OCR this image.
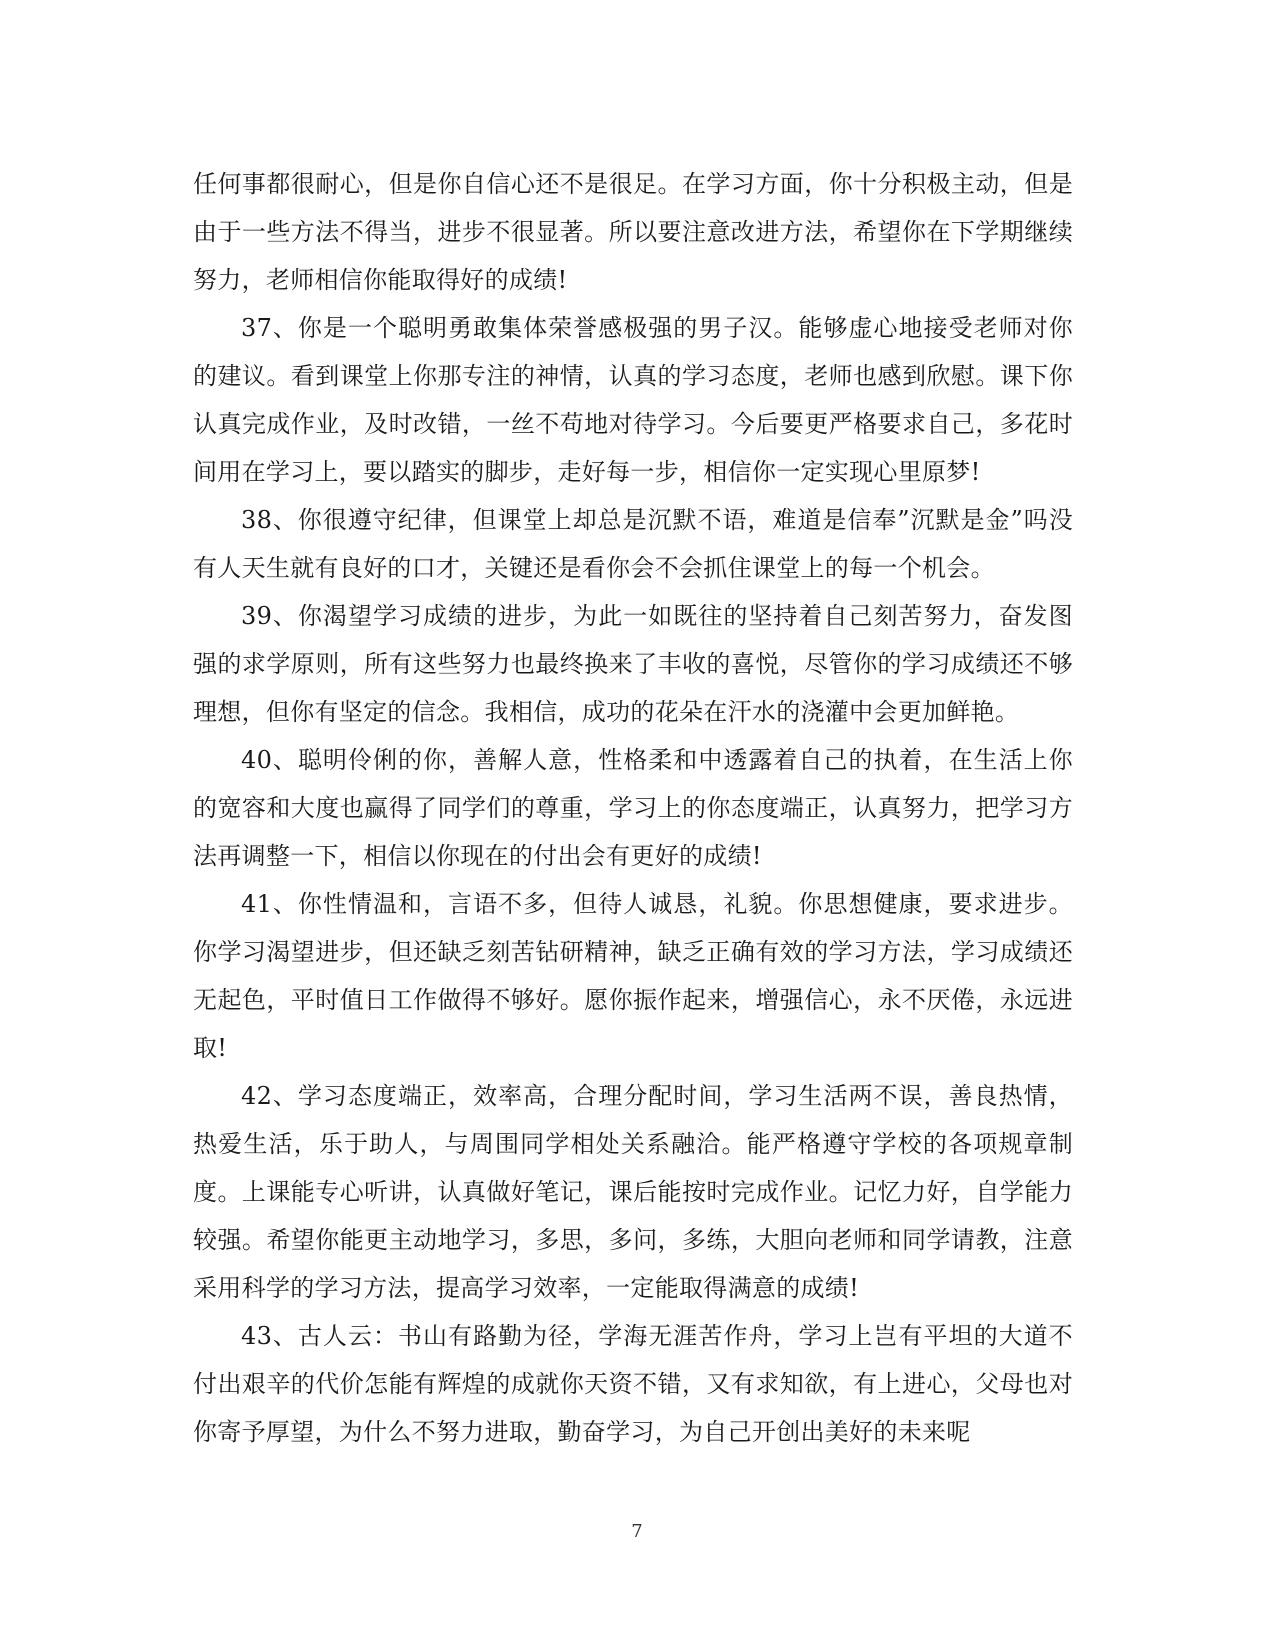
任何事都很耐心，但是你自信心还不是很足。在学习方面，你十分积极主动，但是由于一些方法不得当，进步不很显著。所以要注意改进方法，希望你在下学期继续努力，老师相信你能取得好的成绩!

37、你是一个聪明勇敢集体荣誉感极强的男子汉。能够虚心地接受老师对你的建议。看到课堂上你那专注的神情，认真的学习态度，老师也感到欣慰。课下你认真完成作业，及时改错，一丝不苟地对待学习。今后要更严格要求自己，多花时间用在学习上，要以踏实的脚步，走好每一步，相信你一定实现心里原梦!

38、你很遵守纪律，但课堂上却总是沉默不语，难道是信奉”沉默是金”吗没有人天生就有良好的口才，关键还是看你会不会抓住课堂上的每一个机会。

39、你渴望学习成绩的进步，为此一如既往的坚持着自己刻苦努力，奋发图强的求学原则，所有这些努力也最终换来了丰收的喜悦，尽管你的学习成绩还不够理想，但你有坚定的信念。我相信，成功的花朵在汗水的浇灌中会更加鲜艳。

40、聪明伶俐的你，善解人意，性格柔和中透露着自己的执着，在生活上你的宽容和大度也赢得了同学们的尊重，学习上的你态度端正，认真努力，把学习方法再调整一下，相信以你现在的付出会有更好的成绩!

41、你性情温和，言语不多，但待人诚恳，礼貌。你思想健康，要求进步。你学习渴望进步，但还缺乏刻苦钻研精神，缺乏正确有效的学习方法，学习成绩还无起色，平时值日工作做得不够好。愿你振作起来，增强信心，永不厌倦，永远进取!

42、学习态度端正，效率高，合理分配时间，学习生活两不误，善良热情，热爱生活，乐于助人，与周围同学相处关系融洽。能严格遵守学校的各项规章制度。上课能专心听讲，认真做好笔记，课后能按时完成作业。记忆力好，自学能力较强。希望你能更主动地学习，多思，多问，多练，大胆向老师和同学请教，注意采用科学的学习方法，提高学习效率，一定能取得满意的成绩!

43、古人云：书山有路勤为径，学海无涯苦作舟，学习上岂有平坦的大道不付出艰辛的代价怎能有辉煌的成就你天资不错，又有求知欲，有上进心，父母也对你寄予厚望，为什么不努力进取，勤奋学习，为自己开创出美好的未来呢

7
